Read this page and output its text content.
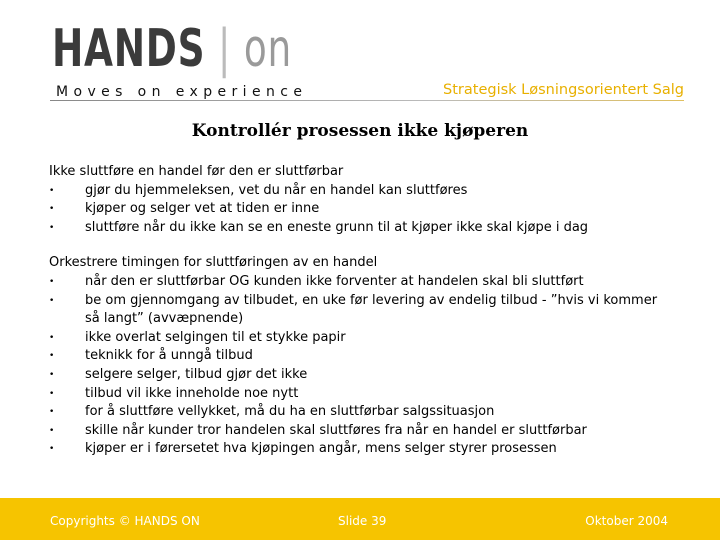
HANDS | on
Moves on experience	Strategisk Løsningsorientert Salg
Kontrollér prosessen ikke kjøperen

Ikke sluttføre en handel før den er sluttførbar

• gjør du hjemmeleksen, vet du når en handel kan sluttføres
• kjøper og selger vet at tiden er inne
• sluttføre når du ikke kan se en eneste grunn til at kjøper ikke skal kjøpe i dag

Orkestrere timingen for sluttføringen av en handel

• når den er sluttførbar OG kunden ikke forventer at handelen skal bli sluttført
• be om gjennomgang av tilbudet, en uke før levering av endelig tilbud - ”hvis vi kommer så langt” (avvæpnende)
• ikke overlat selgingen til et stykke papir
• teknikk for å unngå tilbud
• selgere selger, tilbud gjør det ikke
• tilbud vil ikke inneholde noe nytt
• for å sluttføre vellykket, må du ha en sluttførbar salgssituasjon
• skille når kunder tror handelen skal sluttføres fra når en handel er sluttførbar
• kjøper er i førersetet hva kjøpingen angår, mens selger styrer prosessen
Copyrights © HANDS ON	Slide 39	Oktober 2004
